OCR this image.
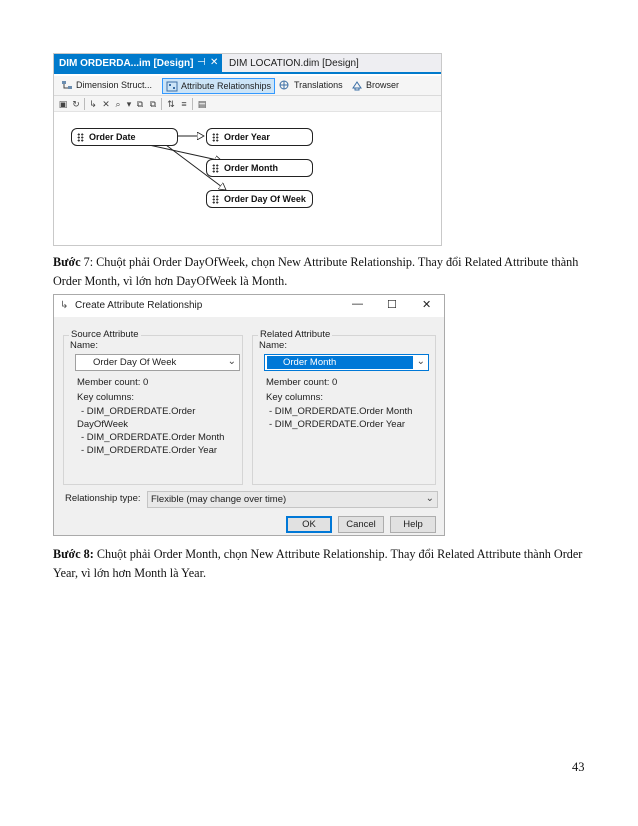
DIM ORDERDA...im [Design] ⊣ ✕ DIM LOCATION.dim [Design]
Dimension Struct...	Attribute Relationships	Translations	Browser
▣ ↻ ↳ ✕ ⌕ ▾ ⧉ ⧉ ⇅ ≡ ▤
Order Date	Order Year
Order Month
Order Day Of Week

Bước 7: Chuột phải Order DayOfWeek, chọn New Attribute Relationship. Thay đổi Related Attribute thành Order Month, vì lớn hơn DayOfWeek là Month.

↳ Create Attribute Relationship	— ☐ ✕
Source Attribute
Name:
Order Day Of Week	⌄
Member count: 0
Key columns:
- DIM_ORDERDATE.Order
DayOfWeek
- DIM_ORDERDATE.Order Month
- DIM_ORDERDATE.Order Year
Related Attribute
Name:
Order Month	⌄
Member count: 0
Key columns:
- DIM_ORDERDATE.Order Month
- DIM_ORDERDATE.Order Year
Relationship type: Flexible (may change over time)	⌄
OK	Cancel	Help

Bước 8: Chuột phải Order Month, chọn New Attribute Relationship. Thay đổi Related Attribute thành Order Year, vì lớn hơn Month là Year.

43
